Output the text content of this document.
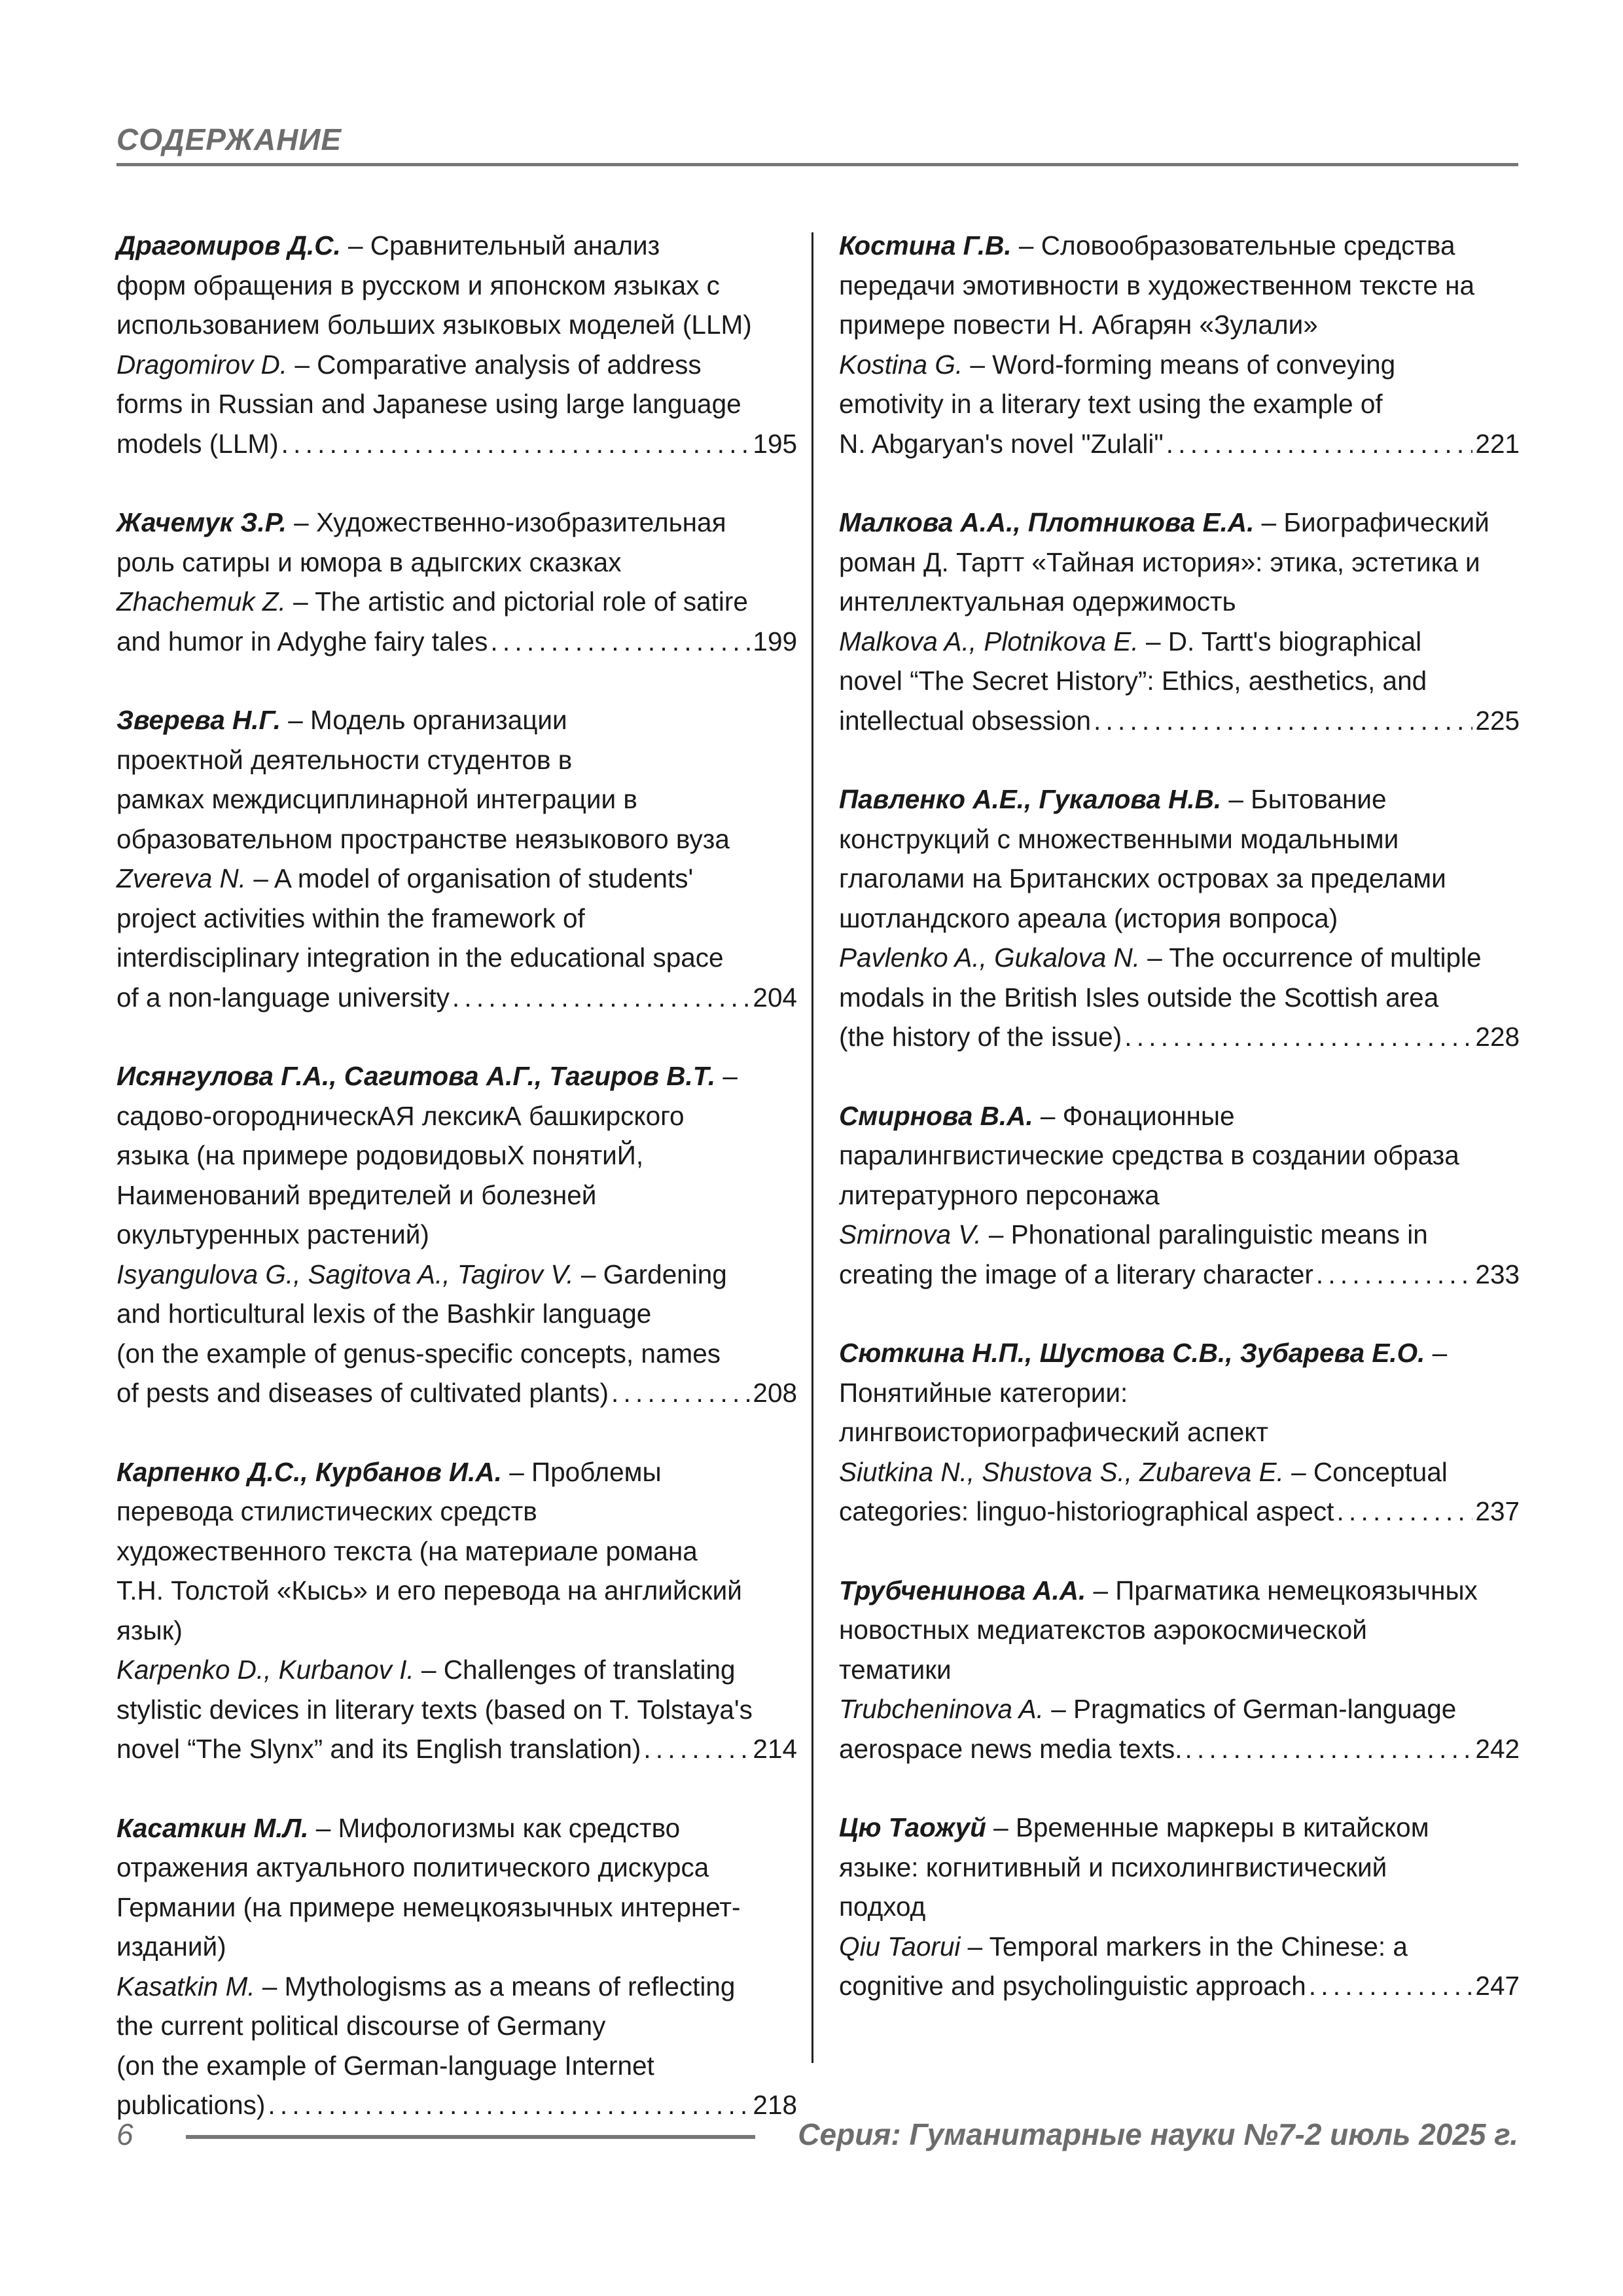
СОДЕРЖАНИЕ
Драгомиров Д.С. – Сравнительный анализ
форм обращения в русском и японском языках с
использованием больших языковых моделей (LLM)
Dragomirov D. – Comparative analysis of address
forms in Russian and Japanese using large language
models (LLM) . . .	195
Жачемук З.Р. – Художественно-изобразительная
роль сатиры и юмора в адыгских сказках
Zhachemuk Z. – The artistic and pictorial role of satire
and humor in Adyghe fairy tales . . .	199
Зверева Н.Г. – Модель организации
проектной деятельности студентов в
рамках междисциплинарной интеграции в
образовательном пространстве неязыкового вуза
Zvereva N. – A model of organisation of students'
project activities within the framework of
interdisciplinary integration in the educational space
of a non-language university . . .	204
Исянгулова Г.А., Сагитова А.Г., Тагиров В.Т. –
садово-огородническАЯ лексикА башкирского
языка (на примере родовидовыХ понятиЙ,
Наименований вредителей и болезней
окультуренных растений)
Isyangulova G., Sagitova A., Tagirov V. – Gardening
and horticultural lexis of the Bashkir language
(on the example of genus-specific concepts, names
of pests and diseases of cultivated plants) . . .	208
Карпенко Д.С., Курбанов И.А. – Проблемы
перевода стилистических средств
художественного текста (на материале романа
Т.Н. Толстой «Кысь» и его перевода на английский
язык)
Karpenko D., Kurbanov I. – Challenges of translating
stylistic devices in literary texts (based on T. Tolstaya's
novel “The Slynx” and its English translation) . . .	214
Касаткин М.Л. – Мифологизмы как средство
отражения актуального политического дискурса
Германии (на примере немецкоязычных интернет-
изданий)
Kasatkin M. – Mythologisms as a means of reflecting
the current political discourse of Germany
(on the example of German-language Internet
publications) . . .	218
Костина Г.В. – Словообразовательные средства
передачи эмотивности в художественном тексте на
примере повести Н. Абгарян «Зулали»
Kostina G. – Word-forming means of conveying
emotivity in a literary text using the example of
N. Abgaryan's novel "Zulali" . . .	221
Малкова А.А., Плотникова Е.А. – Биографический
роман Д. Тартт «Тайная история»: этика, эстетика и
интеллектуальная одержимость
Malkova A., Plotnikova E. – D. Tartt's biographical
novel “The Secret History”: Ethics, aesthetics, and
intellectual obsession . . .	225
Павленко А.Е., Гукалова Н.В. – Бытование
конструкций с множественными модальными
глаголами на Британских островах за пределами
шотландского ареала (история вопроса)
Pavlenko A., Gukalova N. – The occurrence of multiple
modals in the British Isles outside the Scottish area
(the history of the issue) . . .	228
Смирнова В.А. – Фонационные
паралингвистические средства в создании образа
литературного персонажа
Smirnova V. – Phonational paralinguistic means in
creating the image of a literary character . . .	233
Сюткина Н.П., Шустова С.В., Зубарева Е.О. – Понятийные категории:
лингвоисториографический аспект
Siutkina N., Shustova S., Zubareva E. – Conceptual
categories: linguo-historiographical aspect . . .	237
Трубченинова А.А. – Прагматика немецкоязычных
новостных медиатекстов аэрокосмической
тематики
Trubcheninova A. – Pragmatics of German-language
aerospace news media texts. . . .	242
Цю Таожуй – Временные маркеры в китайском
языке: когнитивный и психолингвистический
подход
Qiu Taorui – Temporal markers in the Chinese: a
cognitive and psycholinguistic approach . . .	247

6	Серия: Гуманитарные науки №7-2 июль 2025 г.
